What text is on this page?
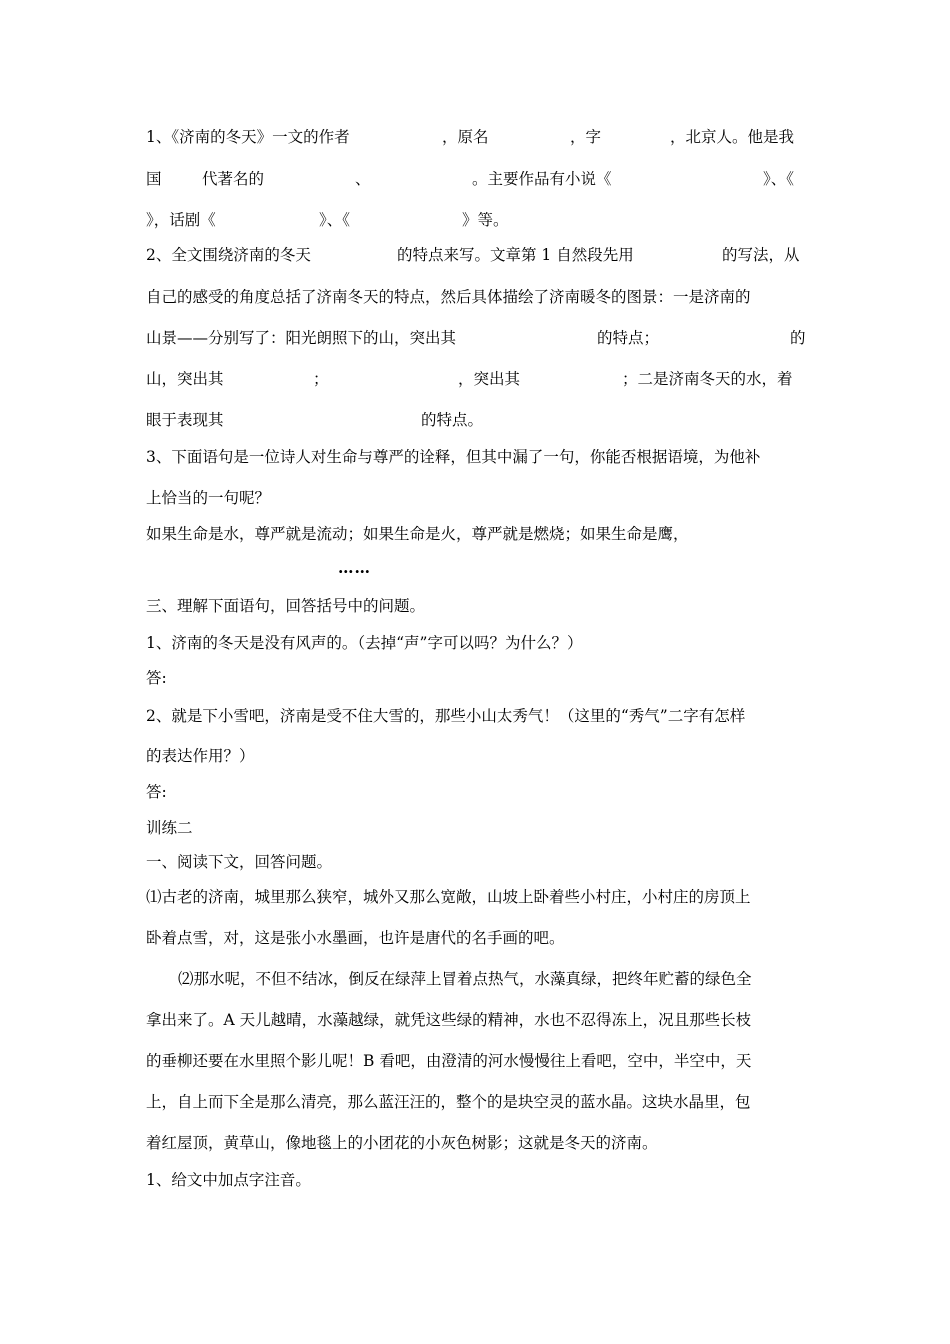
1、《济南的冬天》一文的作者	，原名	，字	，北京人。他是我
国	代著名的	、	。主要作品有小说《	》、《
》，话剧《	》、《	》等。
2、全文围绕济南的冬天	的特点来写。文章第 1 自然段先用	的写法，从
自己的感受的角度总括了济南冬天的特点，然后具体描绘了济南暖冬的图景：一是济南的
山景——分别写了：阳光朗照下的山，突出其	的特点；	的
山，突出其	；	，突出其	；二是济南冬天的水，着
眼于表现其	的特点。
3、下面语句是一位诗人对生命与尊严的诠释，但其中漏了一句，你能否根据语境，为他补
上恰当的一句呢？
如果生命是水，尊严就是流动；如果生命是火，尊严就是燃烧；如果生命是鹰，
……
三、理解下面语句，回答括号中的问题。
1、济南的冬天是没有风声的。（去掉“声”字可以吗？为什么？）
答:
2、就是下小雪吧，济南是受不住大雪的，那些小山太秀气！（这里的“秀气”二字有怎样
的表达作用？）
答:
训练二
一、阅读下文，回答问题。
⑴古老的济南，城里那么狭窄，城外又那么宽敞，山坡上卧着些小村庄，小村庄的房顶上
卧着点雪，对，这是张小水墨画，也许是唐代的名手画的吧。
⑵那水呢，不但不结冰，倒反在绿萍上冒着点热气，水藻真绿，把终年贮蓄的绿色全
拿出来了。A 天儿越晴，水藻越绿，就凭这些绿的精神，水也不忍得冻上，况且那些长枝
的垂柳还要在水里照个影儿呢！B 看吧，由澄清的河水慢慢往上看吧，空中，半空中，天
上，自上而下全是那么清亮，那么蓝汪汪的，整个的是块空灵的蓝水晶。这块水晶里，包
着红屋顶，黄草山，像地毯上的小团花的小灰色树影；这就是冬天的济南。
1、给文中加点字注音。
